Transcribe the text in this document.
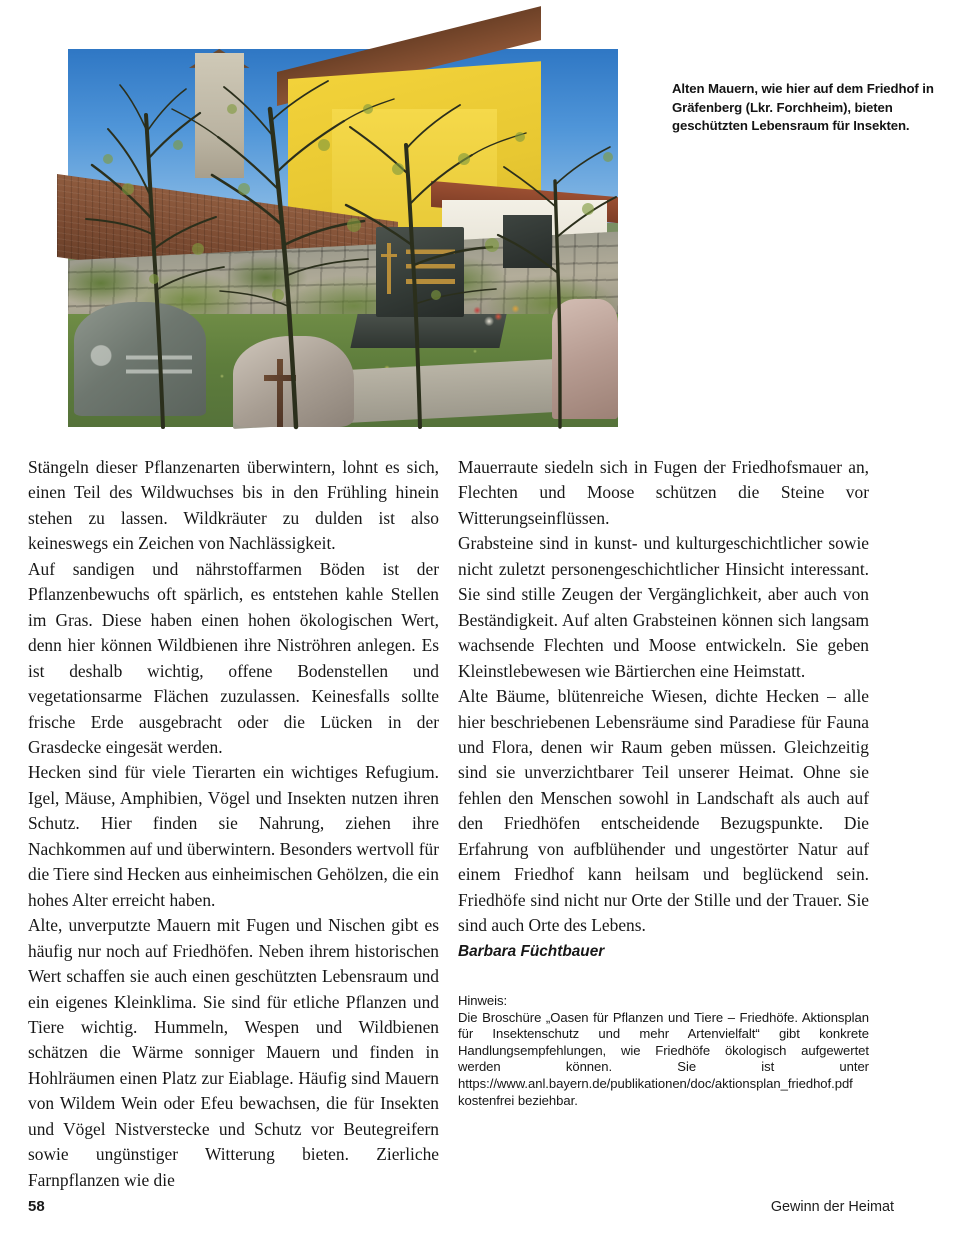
Alten Mauern, wie hier auf dem Friedhof in Gräfenberg (Lkr. Forchheim), bieten geschützten Lebensraum für Insekten.

Stängeln dieser Pflanzenarten überwintern, lohnt es sich, einen Teil des Wildwuchses bis in den Frühling hinein stehen zu lassen. Wildkräuter zu dulden ist also keineswegs ein Zeichen von Nachlässigkeit.

Auf sandigen und nährstoffarmen Böden ist der Pflanzenbewuchs oft spärlich, es entstehen kahle Stellen im Gras. Diese haben einen hohen ökologischen Wert, denn hier können Wildbienen ihre Niströhren anlegen. Es ist deshalb wichtig, offene Bodenstellen und vegetationsarme Flächen zuzulassen. Keinesfalls sollte frische Erde ausgebracht oder die Lücken in der Grasdecke eingesät werden.

Hecken sind für viele Tierarten ein wichtiges Refugium. Igel, Mäuse, Amphibien, Vögel und Insekten nutzen ihren Schutz. Hier finden sie Nahrung, ziehen ihre Nachkommen auf und überwintern. Besonders wertvoll für die Tiere sind Hecken aus einheimischen Gehölzen, die ein hohes Alter erreicht haben.

Alte, unverputzte Mauern mit Fugen und Nischen gibt es häufig nur noch auf Friedhöfen. Neben ihrem historischen Wert schaffen sie auch einen geschützten Lebensraum und ein eigenes Kleinklima. Sie sind für etliche Pflanzen und Tiere wichtig. Hummeln, Wespen und Wildbienen schätzen die Wärme sonniger Mauern und finden in Hohlräumen einen Platz zur Eiablage. Häufig sind Mauern von Wildem Wein oder Efeu bewachsen, die für Insekten und Vögel Nistverstecke und Schutz vor Beutegreifern sowie ungünstiger Witterung bieten. Zierliche Farnpflanzen wie die

Mauerraute siedeln sich in Fugen der Friedhofsmauer an, Flechten und Moose schützen die Steine vor Witterungseinflüssen.

Grabsteine sind in kunst- und kulturgeschichtlicher sowie nicht zuletzt personengeschichtlicher Hinsicht interessant. Sie sind stille Zeugen der Vergänglichkeit, aber auch von Beständigkeit. Auf alten Grabsteinen können sich langsam wachsende Flechten und Moose entwickeln. Sie geben Kleinstlebewesen wie Bärtierchen eine Heimstatt.

Alte Bäume, blütenreiche Wiesen, dichte Hecken – alle hier beschriebenen Lebensräume sind Paradiese für Fauna und Flora, denen wir Raum geben müssen. Gleichzeitig sind sie unverzichtbarer Teil unserer Heimat. Ohne sie fehlen den Menschen sowohl in Landschaft als auch auf den Friedhöfen entscheidende Bezugspunkte. Die Erfahrung von aufblühender und ungestörter Natur auf einem Friedhof kann heilsam und beglückend sein. Friedhöfe sind nicht nur Orte der Stille und der Trauer. Sie sind auch Orte des Lebens.

Barbara Füchtbauer

Hinweis:
Die Broschüre „Oasen für Pflanzen und Tiere – Friedhöfe. Aktionsplan für Insektenschutz und mehr Artenvielfalt“ gibt konkrete Handlungsempfehlungen, wie Friedhöfe ökologisch aufgewertet werden können. Sie ist unter https://www.anl.bayern.de/publikationen/doc/aktionsplan_friedhof.pdf kostenfrei beziehbar.
58	Gewinn der Heimat
